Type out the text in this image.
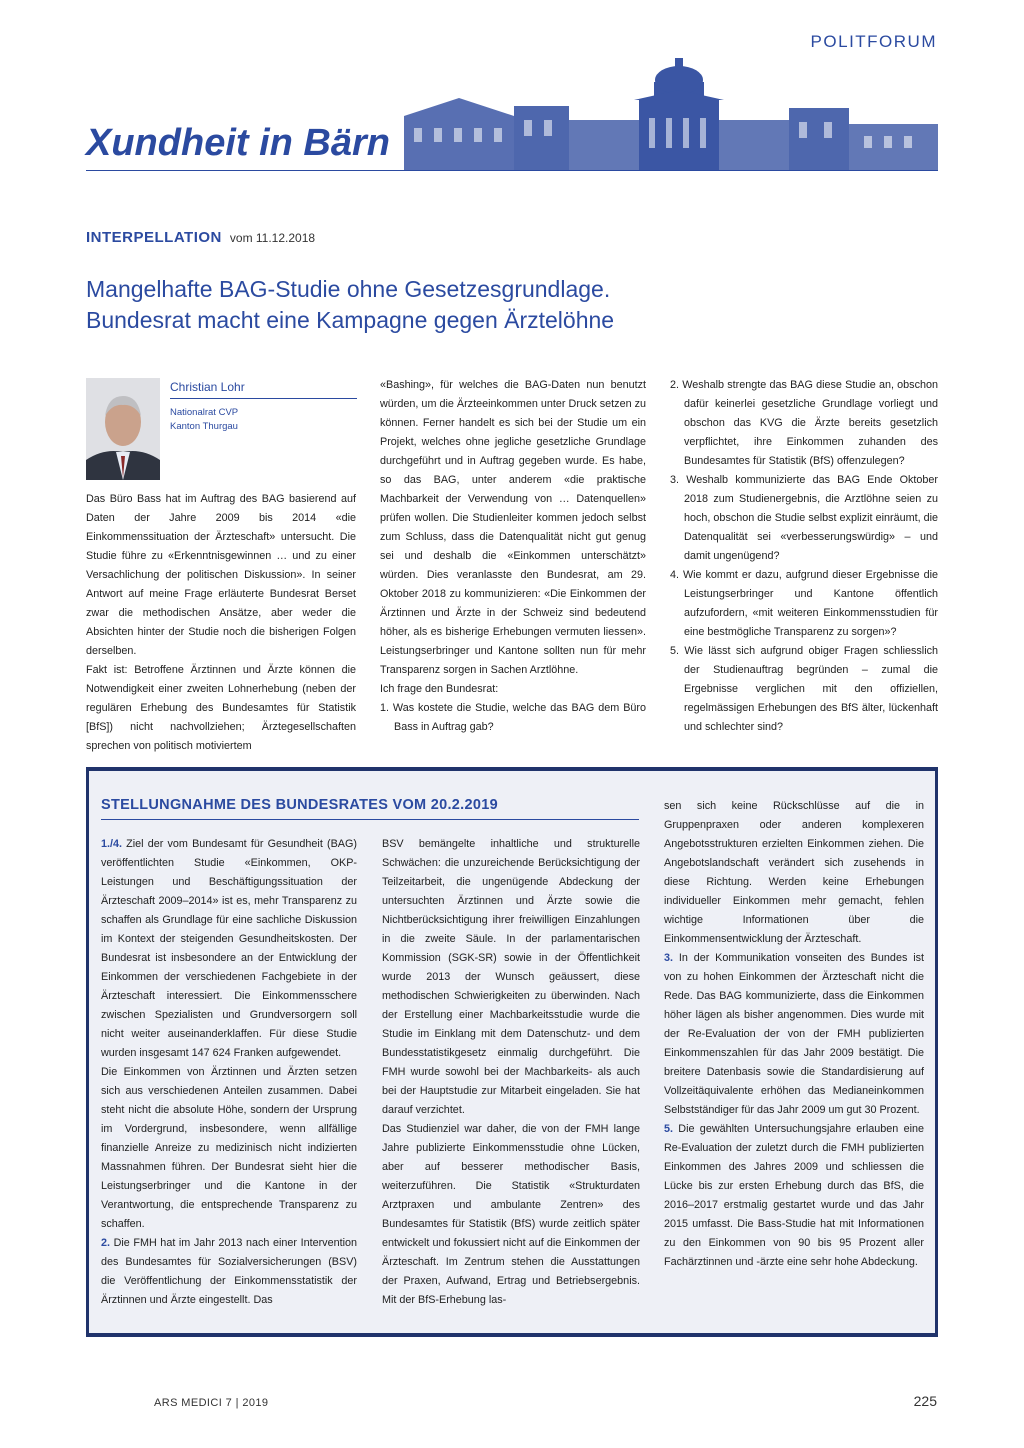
POLITFORUM
Xundheit in Bärn
INTERPELLATION vom 11.12.2018
Mangelhafte BAG-Studie ohne Gesetzesgrundlage.
Bundesrat macht eine Kampagne gegen Ärztelöhne
Christian Lohr
Nationalrat CVP
Kanton Thurgau

Das Büro Bass hat im Auftrag des BAG basierend auf Daten der Jahre 2009 bis 2014 «die Einkommenssituation der Ärzteschaft» untersucht. Die Studie führe zu «Erkenntnisgewinnen … und zu einer Versachlichung der politischen Diskussion». In seiner Antwort auf meine Frage erläuterte Bundesrat Berset zwar die methodischen Ansätze, aber weder die Absichten hinter der Studie noch die bisherigen Folgen derselben.

Fakt ist: Betroffene Ärztinnen und Ärzte können die Notwendigkeit einer zweiten Lohnerhebung (neben der regulären Erhebung des Bundesamtes für Statistik [BfS]) nicht nachvollziehen; Ärztegesellschaften sprechen von politisch motiviertem

«Bashing», für welches die BAG-Daten nun benutzt würden, um die Ärzteeinkommen unter Druck setzen zu können. Ferner handelt es sich bei der Studie um ein Projekt, welches ohne jegliche gesetzliche Grundlage durchgeführt und in Auftrag gegeben wurde. Es habe, so das BAG, unter anderem «die praktische Machbarkeit der Verwendung von … Datenquellen» prüfen wollen. Die Studienleiter kommen jedoch selbst zum Schluss, dass die Datenqualität nicht gut genug sei und deshalb die «Einkommen unterschätzt» würden. Dies veranlasste den Bundesrat, am 29. Oktober 2018 zu kommunizieren: «Die Einkommen der Ärztinnen und Ärzte in der Schweiz sind bedeutend höher, als es bisherige Erhebungen vermuten liessen». Leistungserbringer und Kantone sollten nun für mehr Transparenz sorgen in Sachen Arztlöhne.

Ich frage den Bundesrat:

1. Was kostete die Studie, welche das BAG dem Büro Bass in Auftrag gab?

2. Weshalb strengte das BAG diese Studie an, obschon dafür keinerlei gesetzliche Grundlage vorliegt und obschon das KVG die Ärzte bereits gesetzlich verpflichtet, ihre Einkommen zuhanden des Bundesamtes für Statistik (BfS) offenzulegen?

3. Weshalb kommunizierte das BAG Ende Oktober 2018 zum Studienergebnis, die Arztlöhne seien zu hoch, obschon die Studie selbst explizit einräumt, die Datenqualität sei «verbesserungswürdig» – und damit ungenügend?

4. Wie kommt er dazu, aufgrund dieser Ergebnisse die Leistungserbringer und Kantone öffentlich aufzufordern, «mit weiteren Einkommensstudien für eine bestmögliche Transparenz zu sorgen»?

5. Wie lässt sich aufgrund obiger Fragen schliesslich der Studienauftrag begründen – zumal die Ergebnisse verglichen mit den offiziellen, regelmässigen Erhebungen des BfS älter, lückenhaft und schlechter sind?

STELLUNGNAHME DES BUNDESRATES VOM 20.2.2019

1./4. Ziel der vom Bundesamt für Gesundheit (BAG) veröffentlichten Studie «Einkommen, OKP-Leistungen und Beschäftigungssituation der Ärzteschaft 2009–2014» ist es, mehr Transparenz zu schaffen als Grundlage für eine sachliche Diskussion im Kontext der steigenden Gesundheitskosten. Der Bundesrat ist insbesondere an der Entwicklung der Einkommen der verschiedenen Fachgebiete in der Ärzteschaft interessiert. Die Einkommensschere zwischen Spezialisten und Grundversorgern soll nicht weiter auseinanderklaffen. Für diese Studie wurden insgesamt 147 624 Franken aufgewendet.

Die Einkommen von Ärztinnen und Ärzten setzen sich aus verschiedenen Anteilen zusammen. Dabei steht nicht die absolute Höhe, sondern der Ursprung im Vordergrund, insbesondere, wenn allfällige finanzielle Anreize zu medizinisch nicht indizierten Massnahmen führen. Der Bundesrat sieht hier die Leistungserbringer und die Kantone in der Verantwortung, die entsprechende Transparenz zu schaffen.

2. Die FMH hat im Jahr 2013 nach einer Intervention des Bundesamtes für Sozialversicherungen (BSV) die Veröffentlichung der Einkommensstatistik der Ärztinnen und Ärzte eingestellt. Das

BSV bemängelte inhaltliche und strukturelle Schwächen: die unzureichende Berücksichtigung der Teilzeitarbeit, die ungenügende Abdeckung der untersuchten Ärztinnen und Ärzte sowie die Nichtberücksichtigung ihrer freiwilligen Einzahlungen in die zweite Säule. In der parlamentarischen Kommission (SGK-SR) sowie in der Öffentlichkeit wurde 2013 der Wunsch geäussert, diese methodischen Schwierigkeiten zu überwinden. Nach der Erstellung einer Machbarkeitsstudie wurde die Studie im Einklang mit dem Datenschutz- und dem Bundesstatistikgesetz einmalig durchgeführt. Die FMH wurde sowohl bei der Machbarkeits- als auch bei der Hauptstudie zur Mitarbeit eingeladen. Sie hat darauf verzichtet.

Das Studienziel war daher, die von der FMH lange Jahre publizierte Einkommensstudie ohne Lücken, aber auf besserer methodischer Basis, weiterzuführen. Die Statistik «Strukturdaten Arztpraxen und ambulante Zentren» des Bundesamtes für Statistik (BfS) wurde zeitlich später entwickelt und fokussiert nicht auf die Einkommen der Ärzteschaft. Im Zentrum stehen die Ausstattungen der Praxen, Aufwand, Ertrag und Betriebsergebnis. Mit der BfS-Erhebung las-

sen sich keine Rückschlüsse auf die in Gruppenpraxen oder anderen komplexeren Angebotsstrukturen erzielten Einkommen ziehen. Die Angebotslandschaft verändert sich zusehends in diese Richtung. Werden keine Erhebungen individueller Einkommen mehr gemacht, fehlen wichtige Informationen über die Einkommensentwicklung der Ärzteschaft.

3. In der Kommunikation vonseiten des Bundes ist von zu hohen Einkommen der Ärzteschaft nicht die Rede. Das BAG kommunizierte, dass die Einkommen höher lägen als bisher angenommen. Dies wurde mit der Re-Evaluation der von der FMH publizierten Einkommenszahlen für das Jahr 2009 bestätigt. Die breitere Datenbasis sowie die Standardisierung auf Vollzeitäquivalente erhöhen das Medianeinkommen Selbstständiger für das Jahr 2009 um gut 30 Prozent.

5. Die gewählten Untersuchungsjahre erlauben eine Re-Evaluation der zuletzt durch die FMH publizierten Einkommen des Jahres 2009 und schliessen die Lücke bis zur ersten Erhebung durch das BfS, die 2016–2017 erstmalig gestartet wurde und das Jahr 2015 umfasst. Die Bass-Studie hat mit Informationen zu den Einkommen von 90 bis 95 Prozent aller Fachärztinnen und -ärzte eine sehr hohe Abdeckung.

ARS MEDICI 7 | 2019	225
